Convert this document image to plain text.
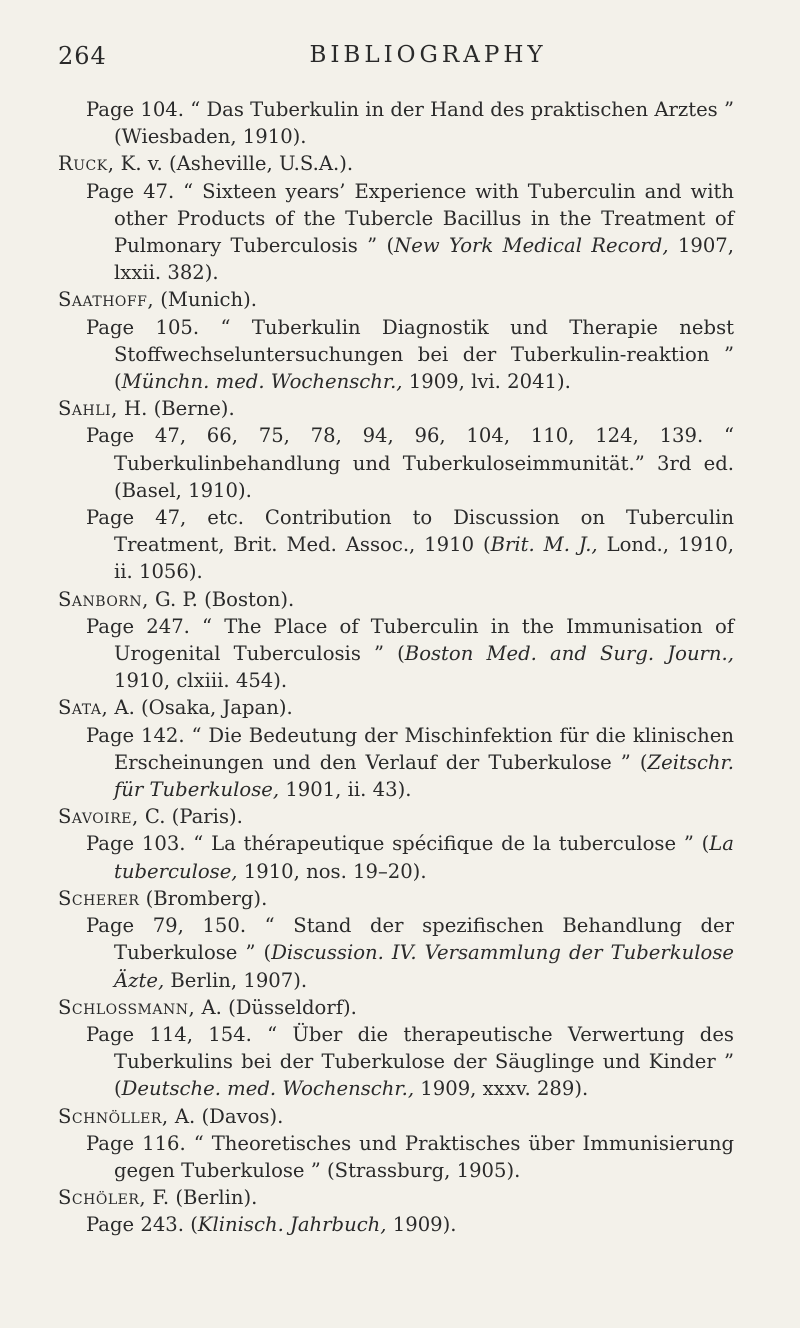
264	BIBLIOGRAPHY

Page 104. “ Das Tuberkulin in der Hand des praktischen Arztes ” (Wiesbaden, 1910).

Ruck, K. v. (Asheville, U.S.A.).

Page 47. “ Sixteen years’ Experience with Tuberculin and with other Products of the Tubercle Bacillus in the Treatment of Pulmonary Tuberculosis ” (New York Medical Record, 1907, lxxii. 382).

Saathoff, (Munich).

Page 105. “ Tuberkulin Diagnostik und Therapie nebst Stoffwechseluntersuchungen bei der Tuberkulin-reaktion ” (Münchn. med. Wochenschr., 1909, lvi. 2041).

Sahli, H. (Berne).

Page 47, 66, 75, 78, 94, 96, 104, 110, 124, 139. “ Tuberkulinbehandlung und Tuberkuloseimmunität.” 3rd ed. (Basel, 1910).

Page 47, etc. Contribution to Discussion on Tuberculin Treatment, Brit. Med. Assoc., 1910 (Brit. M. J., Lond., 1910, ii. 1056).

Sanborn, G. P. (Boston).

Page 247. “ The Place of Tuberculin in the Immunisation of Urogenital Tuberculosis ” (Boston Med. and Surg. Journ., 1910, clxiii. 454).

Sata, A. (Osaka, Japan).

Page 142. “ Die Bedeutung der Mischinfektion für die klinischen Erscheinungen und den Verlauf der Tuberkulose ” (Zeitschr. für Tuberkulose, 1901, ii. 43).

Savoire, C. (Paris).

Page 103. “ La thérapeutique spécifique de la tuberculose ” (La tuberculose, 1910, nos. 19–20).

Scherer (Bromberg).

Page 79, 150. “ Stand der spezifischen Behandlung der Tuberkulose ” (Discussion. IV. Versammlung der Tuberkulose Äzte, Berlin, 1907).

Schlossmann, A. (Düsseldorf).

Page 114, 154. “ Über die therapeutische Verwertung des Tuberkulins bei der Tuberkulose der Säuglinge und Kinder ” (Deutsche. med. Wochenschr., 1909, xxxv. 289).

Schnöller, A. (Davos).

Page 116. “ Theoretisches und Praktisches über Immunisierung gegen Tuberkulose ” (Strassburg, 1905).

Schöler, F. (Berlin).

Page 243. (Klinisch. Jahrbuch, 1909).
